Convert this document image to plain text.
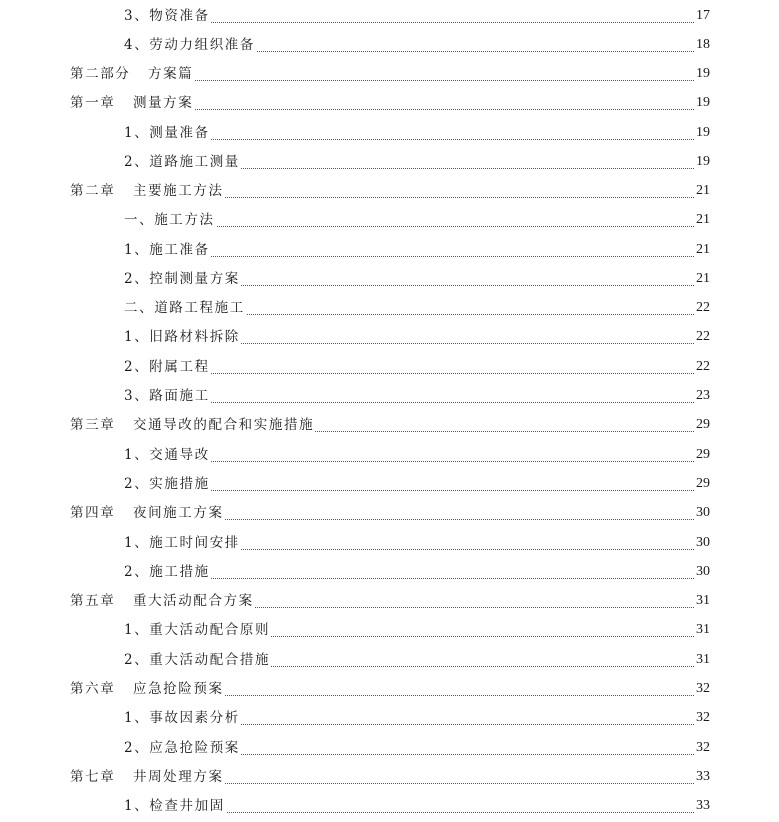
3、物资准备	17
4、劳动力组织准备	18
第二部分   方案篇	19
第一章   测量方案	19
1、测量准备	19
2、道路施工测量	19
第二章   主要施工方法	21
一、施工方法	21
1、施工准备	21
2、控制测量方案	21
二、道路工程施工	22
1、旧路材料拆除	22
2、附属工程	22
3、路面施工	23
第三章   交通导改的配合和实施措施	29
1、交通导改	29
2、实施措施	29
第四章   夜间施工方案	30
1、施工时间安排	30
2、施工措施	30
第五章   重大活动配合方案	31
1、重大活动配合原则	31
2、重大活动配合措施	31
第六章   应急抢险预案	32
1、事故因素分析	32
2、应急抢险预案	32
第七章   井周处理方案	33
1、检查井加固	33
